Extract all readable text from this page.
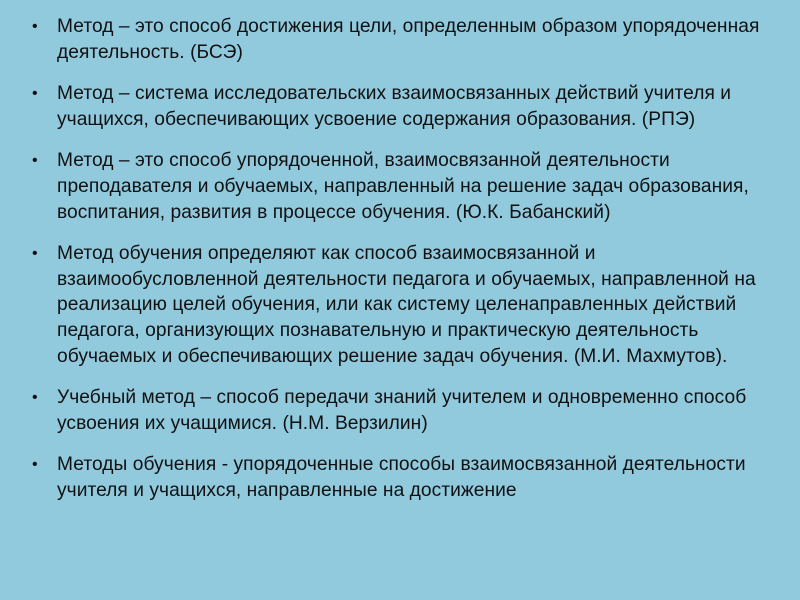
• Метод – это способ достижения цели, определенным образом упорядоченная деятельность. (БСЭ)
• Метод – система исследовательских взаимосвязанных действий учителя и учащихся, обеспечивающих усвоение содержания образования. (РПЭ)
• Метод – это способ упорядоченной, взаимосвязанной деятельности преподавателя и обучаемых, направленный на решение задач образования, воспитания, развития в процессе обучения. (Ю.К. Бабанский)
• Метод обучения определяют как способ взаимосвязанной и взаимообусловленной деятельности педагога и обучаемых, направленной на реализацию целей обучения, или как систему целенаправленных действий педагога, организующих познавательную и практическую деятельность обучаемых и обеспечивающих решение задач обучения. (М.И. Махмутов).
• Учебный метод – способ передачи знаний учителем и одновременно способ усвоения их учащимися. (Н.М. Верзилин)
• Методы обучения - упорядоченные способы взаимосвязанной деятельности учителя и учащихся, направленные на достижение
